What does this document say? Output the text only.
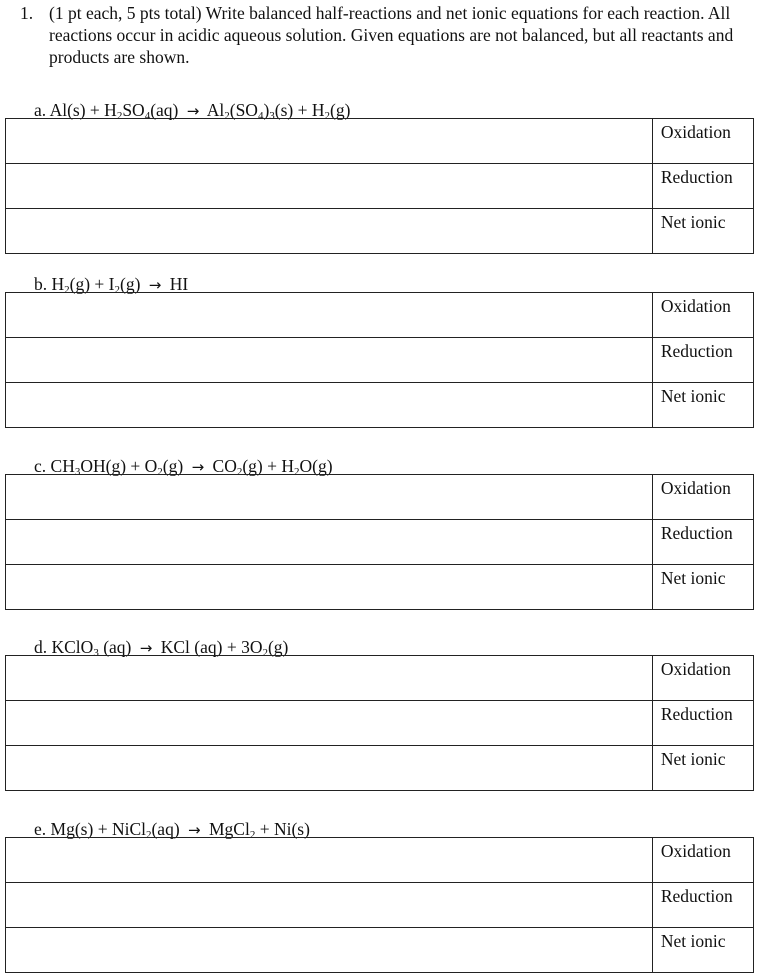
1. (1 pt each, 5 pts total) Write balanced half-reactions and net ionic equations for each reaction. All reactions occur in acidic aqueous solution. Given equations are not balanced, but all reactants and products are shown.
a. $Al(s) + H_2SO_4(aq) \to Al_2(SO_4)_3(s) + H_2(g)$
	Oxidation
	Reduction
	Net ionic
b. $H_2(g) + I_2(g)$ → HI
	Oxidation
	Reduction
	Net ionic
c. $CH_3OH(g) + O_2(g) \to CO_2(g) + H_2O(g)$
	Oxidation
	Reduction
	Net ionic
d. KClO$_3$ (aq) → KCl $(aq) + 3O_2(g)$
	Oxidation
	Reduction
	Net ionic
e. Mg(s) + NiCl$_2$(aq) → MgCl$_2$ + Ni(s)
	Oxidation
	Reduction
	Net ionic
